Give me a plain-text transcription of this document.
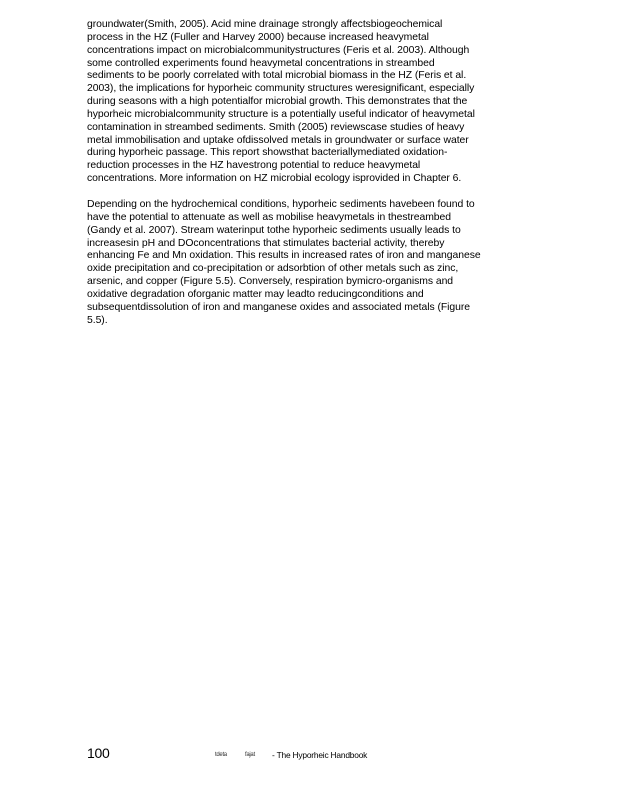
groundwater(Smith, 2005). Acid mine drainage strongly affectsbiogeochemical
process in the HZ (Fuller and Harvey 2000) because increased heavymetal
concentrations impact on microbialcommunitystructures (Feris et al. 2003). Although
some controlled experiments found heavymetal concentrations in streambed
sediments to be poorly correlated with total microbial biomass in the HZ (Feris et al.
2003), the implications for hyporheic community structures weresignificant, especially
during seasons with a high potentialfor microbial growth. This demonstrates that the
hyporheic microbialcommunity structure is a potentially useful indicator of heavymetal
contamination in streambed sediments. Smith (2005) reviewscase studies of heavy
metal immobilisation and uptake ofdissolved metals in groundwater or surface water
during hyporheic passage. This report showsthat bacteriallymediated oxidation-
reduction processes in the HZ havestrong potential to reduce heavymetal
concentrations. More information on HZ microbial ecology isprovided in Chapter 6.
Depending on the hydrochemical conditions, hyporheic sediments havebeen found to
have the potential to attenuate as well as mobilise heavymetals in thestreambed
(Gandy et al. 2007). Stream waterinput tothe hyporheic sediments usually leads to
increasesin pH and DOconcentrations that stimulates bacterial activity, thereby
enhancing Fe and Mn oxidation. This results in increased rates of iron and manganese
oxide precipitation and co-precipitation or adsorbtion of other metals such as zinc,
arsenic, and copper (Figure 5.5). Conversely, respiration bymicro-organisms and
oxidative degradation oforganic matter may leadto reducingconditions and
subsequentdissolution of iron and manganese oxides and associated metals (Figure
5.5).
100	tdeta	fajat - The Hyporheic Handbook
